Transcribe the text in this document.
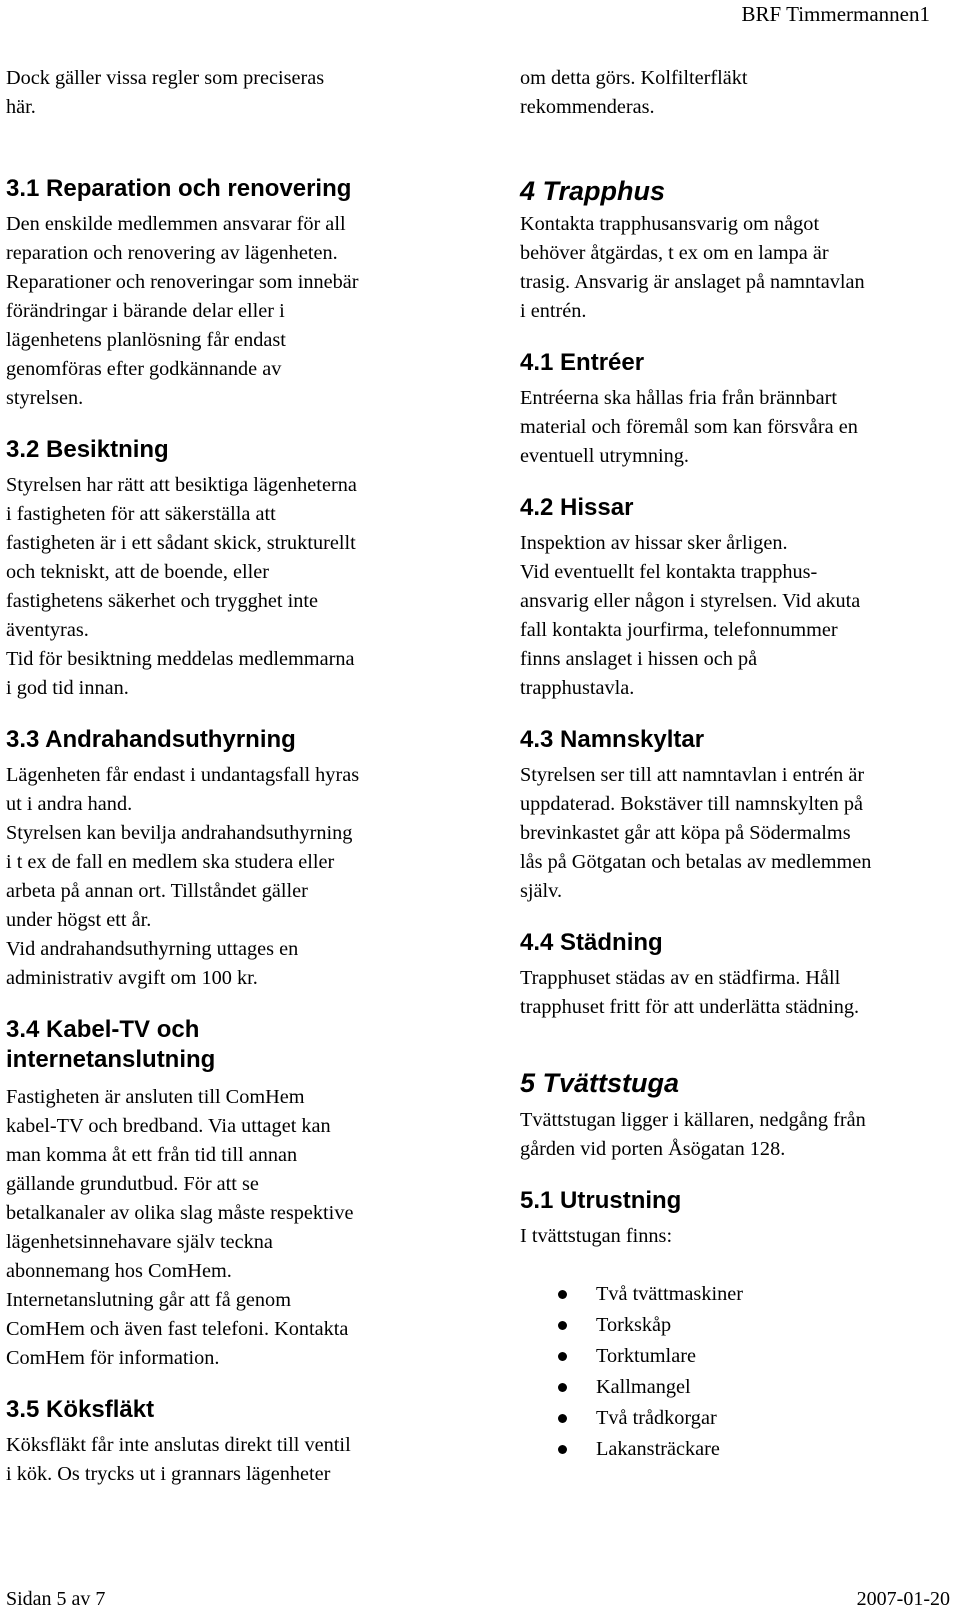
BRF Timmermannen1

Dock gäller vissa regler som preciseras
här.

3.1 Reparation och renovering

Den enskilde medlemmen ansvarar för all
reparation och renovering av lägenheten.
Reparationer och renoveringar som innebär
förändringar i bärande delar eller i
lägenhetens planlösning får endast
genomföras efter godkännande av
styrelsen.

3.2 Besiktning

Styrelsen har rätt att besiktiga lägenheterna
i fastigheten för att säkerställa att
fastigheten är i ett sådant skick, strukturellt
och tekniskt, att de boende, eller
fastighetens säkerhet och trygghet inte
äventyras.
Tid för besiktning meddelas medlemmarna
i god tid innan.

3.3 Andrahandsuthyrning

Lägenheten får endast i undantagsfall hyras
ut i andra hand.
Styrelsen kan bevilja andrahandsuthyrning
i t ex de fall en medlem ska studera eller
arbeta på annan ort. Tillståndet gäller
under högst ett år.
Vid andrahandsuthyrning uttages en
administrativ avgift om 100 kr.

3.4 Kabel-TV och
internetanslutning

Fastigheten är ansluten till ComHem
kabel-TV och bredband. Via uttaget kan
man komma åt ett från tid till annan
gällande grundutbud. För att se
betalkanaler av olika slag måste respektive
lägenhetsinnehavare själv teckna
abonnemang hos ComHem.
Internetanslutning går att få genom
ComHem och även fast telefoni. Kontakta
ComHem för information.

3.5 Köksfläkt

Köksfläkt får inte anslutas direkt till ventil
i kök. Os trycks ut i grannars lägenheter

om detta görs. Kolfilterfläkt
rekommenderas.

4 Trapphus

Kontakta trapphusansvarig om något
behöver åtgärdas, t ex om en lampa är
trasig. Ansvarig är anslaget på namntavlan
i entrén.

4.1 Entréer

Entréerna ska hållas fria från brännbart
material och föremål som kan försvåra en
eventuell utrymning.

4.2 Hissar

Inspektion av hissar sker årligen.
Vid eventuellt fel kontakta trapphus-
ansvarig eller någon i styrelsen. Vid akuta
fall kontakta jourfirma, telefonnummer
finns anslaget i hissen och på
trapphustavla.

4.3 Namnskyltar

Styrelsen ser till att namntavlan i entrén är
uppdaterad. Bokstäver till namnskylten på
brevinkastet går att köpa på Södermalms
lås på Götgatan och betalas av medlemmen
själv.

4.4 Städning

Trapphuset städas av en städfirma. Håll
trapphuset fritt för att underlätta städning.

5 Tvättstuga

Tvättstugan ligger i källaren, nedgång från
gården vid porten Åsögatan 128.

5.1 Utrustning

I tvättstugan finns:

Två tvättmaskiner
Torkskåp
Torktumlare
Kallmangel
Två trådkorgar
Lakansträckare
Sidan 5 av 7	2007-01-20
